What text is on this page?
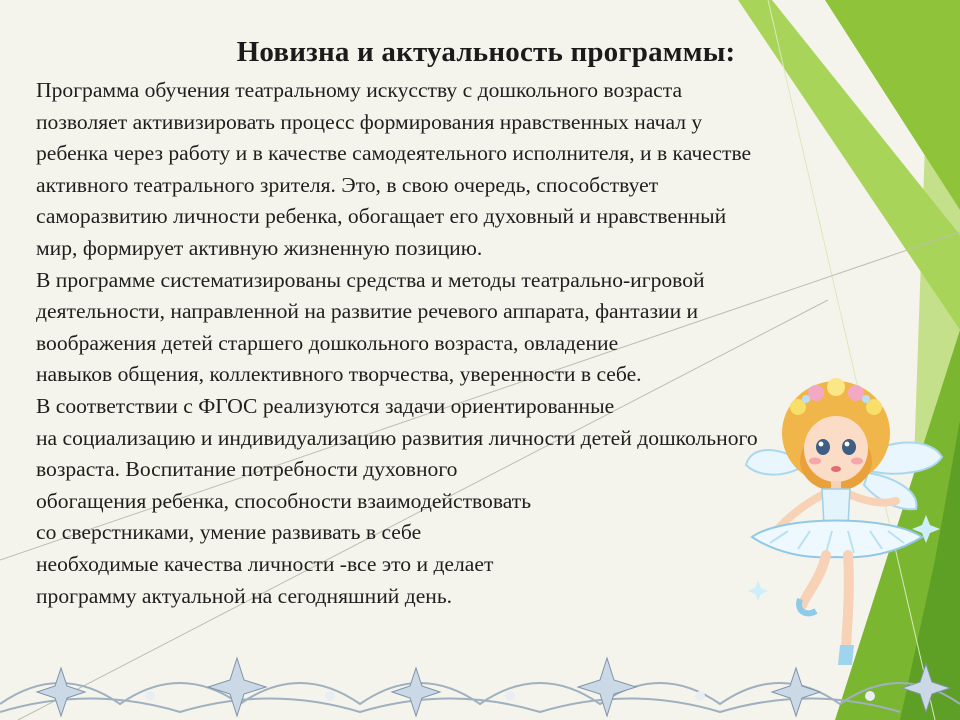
Новизна и актуальность программы:
Программа обучения театральному искусству с дошкольного возраста
позволяет активизировать процесс формирования нравственных начал у
ребенка через работу и в качестве самодеятельного исполнителя, и в качестве
активного театрального зрителя. Это, в свою очередь, способствует
саморазвитию личности ребенка, обогащает его духовный и нравственный
мир, формирует активную жизненную позицию.
В программе систематизированы средства и методы театрально-игровой
деятельности, направленной на развитие речевого аппарата, фантазии и
воображения детей старшего дошкольного возраста, овладение
навыков общения, коллективного творчества, уверенности в себе.
В соответствии с ФГОС реализуются задачи ориентированные
на социализацию и индивидуализацию развития личности детей дошкольного
возраста. Воспитание потребности духовного
обогащения ребенка, способности взаимодействовать
со сверстниками, умение развивать в себе
необходимые качества личности -все это и делает
программу актуальной на сегодняшний день.
